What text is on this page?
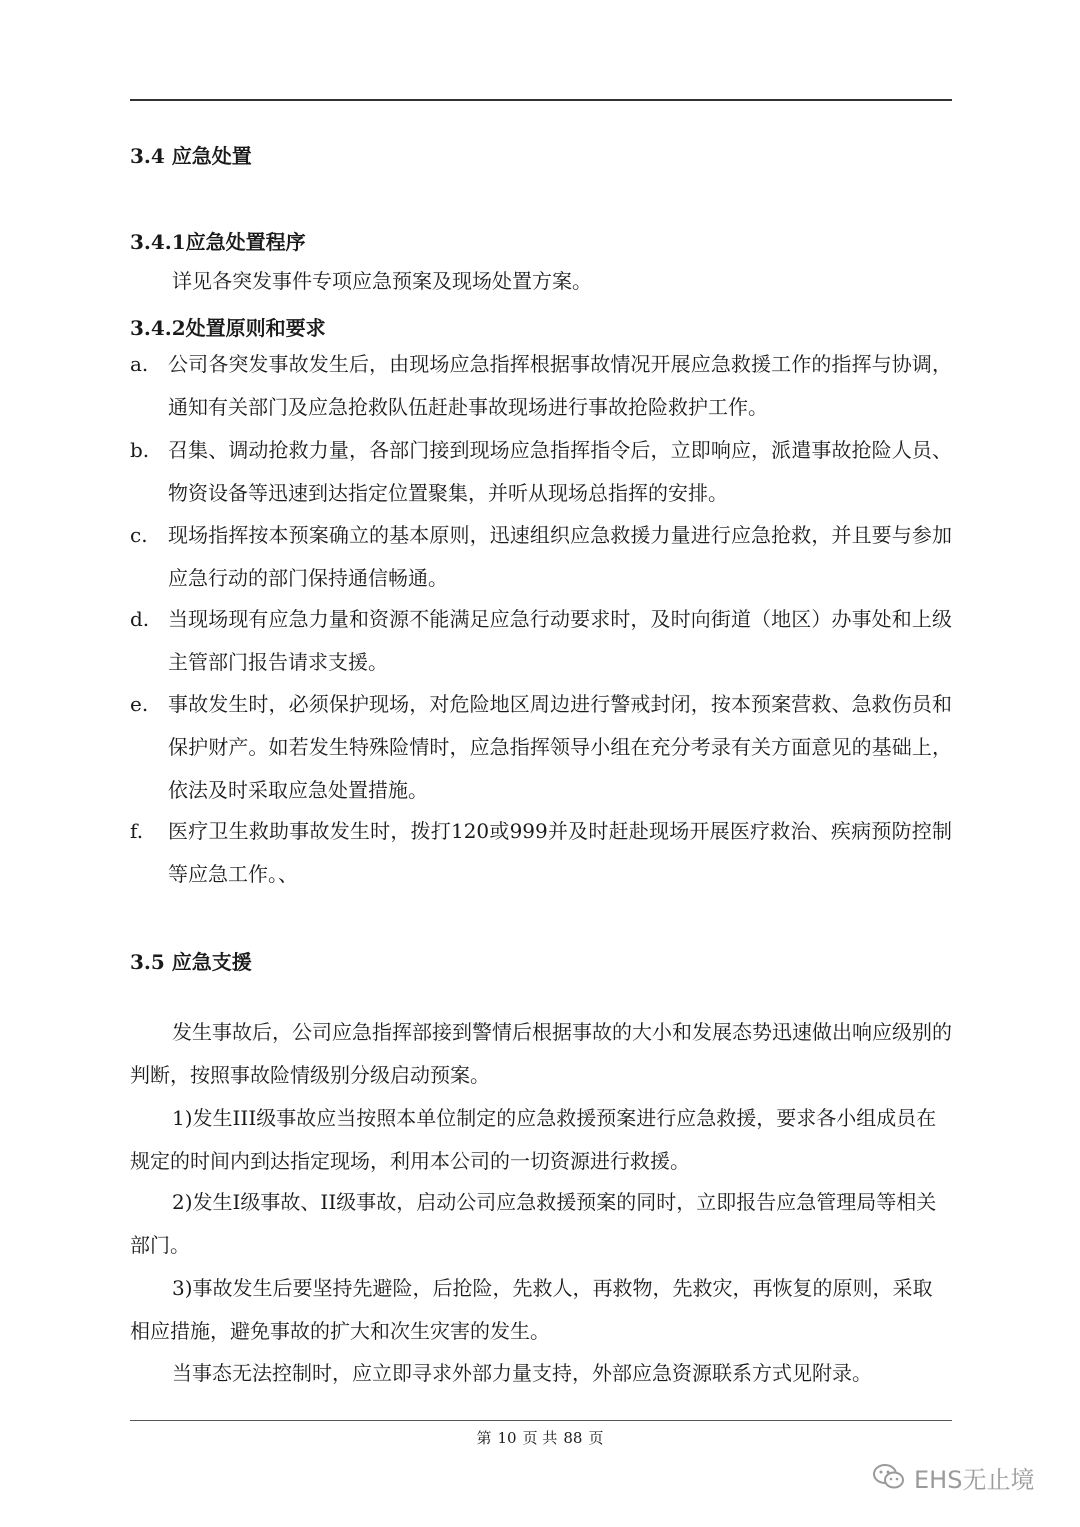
3.4 应急处置
3.4.1应急处置程序
详见各突发事件专项应急预案及现场处置方案。
3.4.2处置原则和要求
a. 公司各突发事故发生后，由现场应急指挥根据事故情况开展应急救援工作的指挥与协调，通知有关部门及应急抢救队伍赶赴事故现场进行事故抢险救护工作。
b. 召集、调动抢救力量，各部门接到现场应急指挥指令后，立即响应，派遣事故抢险人员、物资设备等迅速到达指定位置聚集，并听从现场总指挥的安排。
c.	现场指挥按本预案确立的基本原则，迅速组织应急救援力量进行应急抢救，并且要与参加应急行动的部门保持通信畅通。
d. 当现场现有应急力量和资源不能满足应急行动要求时，及时向街道（地区）办事处和上级主管部门报告请求支援。
e. 事故发生时，必须保护现场，对危险地区周边进行警戒封闭，按本预案营救、急救伤员和保护财产。如若发生特殊险情时，应急指挥领导小组在充分考录有关方面意见的基础上，依法及时采取应急处置措施。
f.	医疗卫生救助事故发生时，拨打120或999并及时赶赴现场开展医疗救治、疾病预防控制等应急工作。、
3.5 应急支援
发生事故后，公司应急指挥部接到警情后根据事故的大小和发展态势迅速做出响应级别的判断，按照事故险情级别分级启动预案。
1)发生III级事故应当按照本单位制定的应急救援预案进行应急救援，要求各小组成员在规定的时间内到达指定现场，利用本公司的一切资源进行救援。
2)发生I级事故、II级事故，启动公司应急救援预案的同时，立即报告应急管理局等相关部门。
3)事故发生后要坚持先避险，后抢险，先救人，再救物，先救灾，再恢复的原则，采取相应措施，避免事故的扩大和次生灾害的发生。
当事态无法控制时，应立即寻求外部力量支持，外部应急资源联系方式见附录。
第 10 页 共 88 页
EHS无止境
